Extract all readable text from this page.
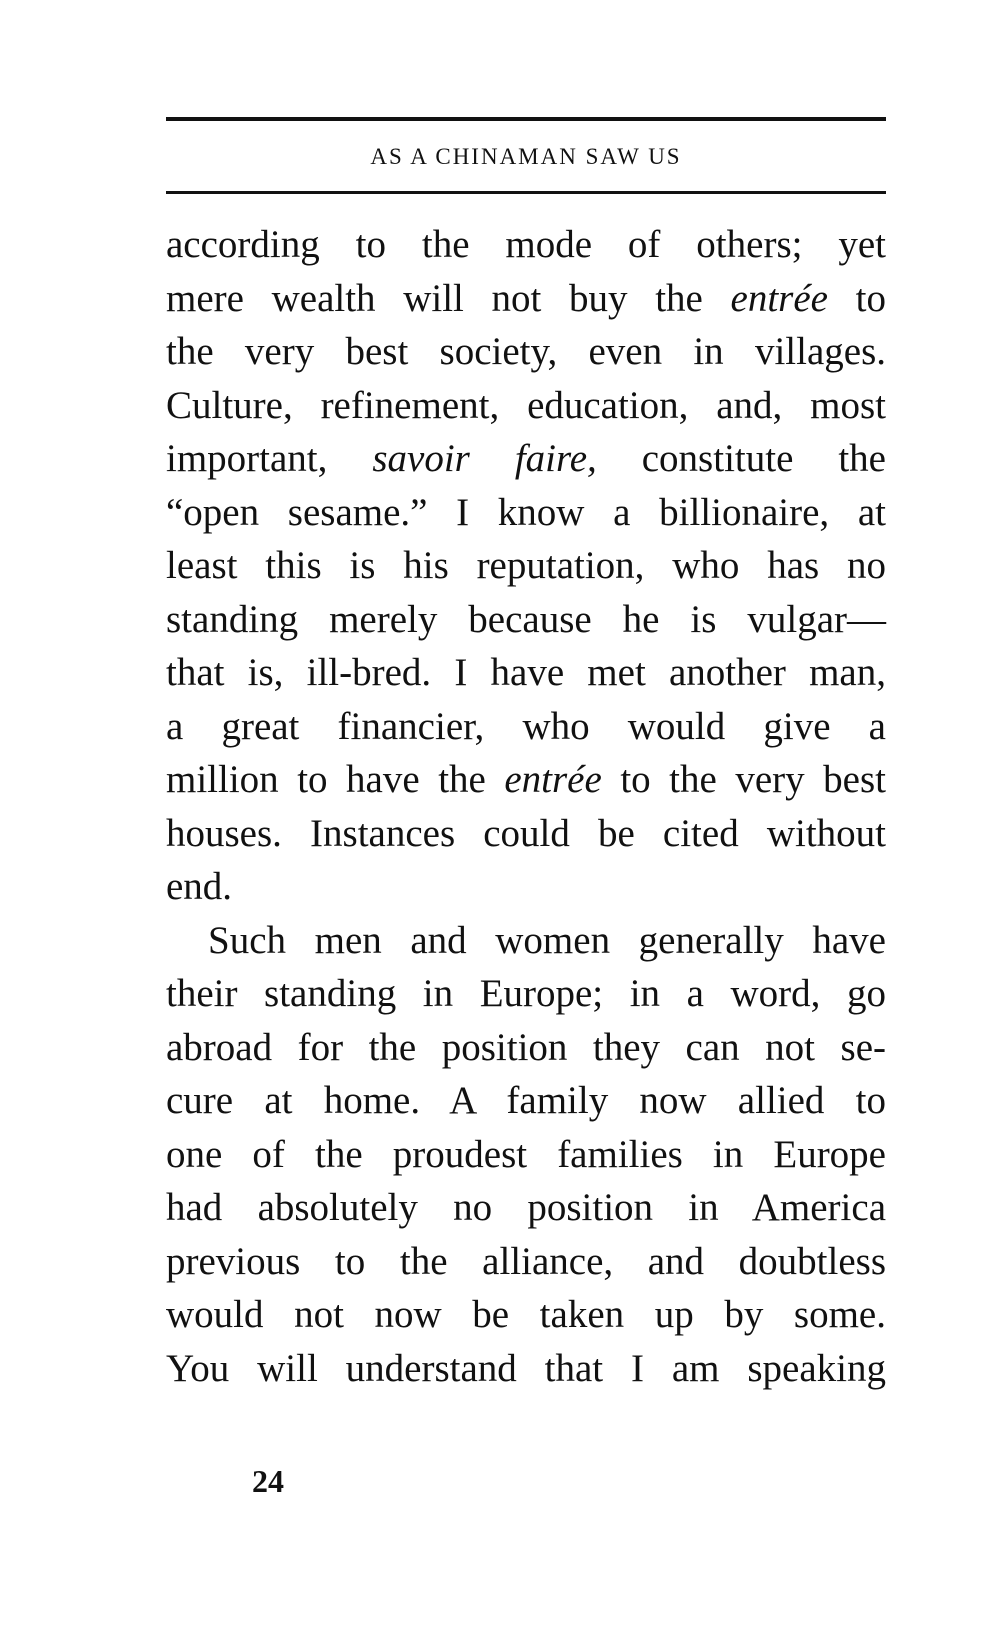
AS A CHINAMAN SAW US
according to the mode of others; yet
mere wealth will not buy the entrée to
the very best society, even in villages.
Culture, refinement, education, and, most
important, savoir faire, constitute the
“open sesame.” I know a billionaire, at
least this is his reputation, who has no
standing merely because he is vulgar—
that is, ill-bred. I have met another man,
a great financier, who would give a
million to have the entrée to the very best
houses. Instances could be cited without
end.
Such men and women generally have
their standing in Europe; in a word, go
abroad for the position they can not se-
cure at home. A family now allied to
one of the proudest families in Europe
had absolutely no position in America
previous to the alliance, and doubtless
would not now be taken up by some.
You will understand that I am speaking
24
